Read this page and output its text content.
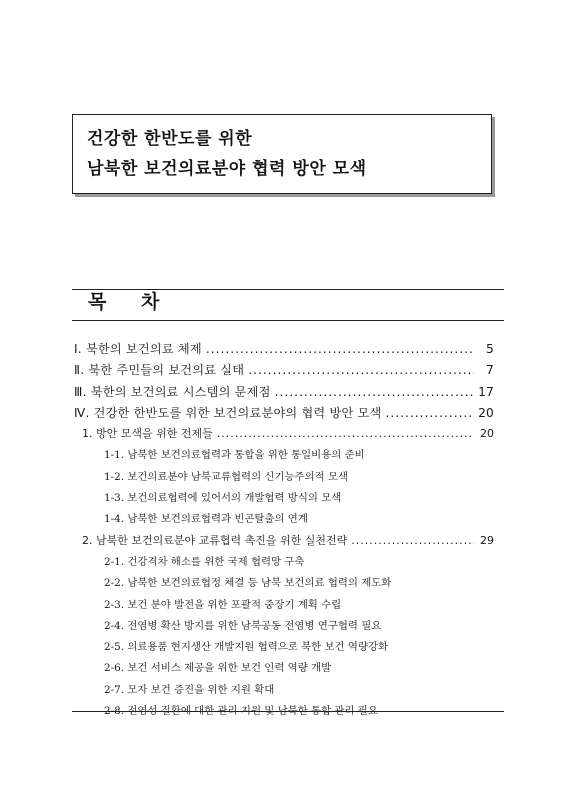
건강한 한반도를 위한
남북한 보건의료분야 협력 방안 모색
목 차
Ⅰ. 북한의 보건의료 체제 .....	5
Ⅱ. 북한 주민들의 보건의료 실태 .....	7
Ⅲ. 북한의 보건의료 시스템의 문제점 .....	17
Ⅳ. 건강한 한반도를 위한 보건의료분야의 협력 방안 모색 .....	20
1. 방안 모색을 위한 전제들 .....	20
1-1. 남북한 보건의료협력과 통합을 위한 통일비용의 준비
1-2. 보건의료분야 남북교류협력의 신기능주의적 모색
1-3. 보건의료협력에 있어서의 개발협력 방식의 모색
1-4. 남북한 보건의료협력과 빈곤탈출의 연계
2. 남북한 보건의료분야 교류협력 촉진을 위한 실천전략 .....	29
2-1. 건강격차 해소를 위한 국제 협력망 구축
2-2. 남북한 보건의료협정 체결 등 남북 보건의료 협력의 제도화
2-3. 보건 분야 발전을 위한 포괄적 중장기 계획 수립
2-4. 전염병 확산 방지를 위한 남북공동 전염병 연구협력 필요
2-5. 의료용품 현지생산 개발지원 협력으로 북한 보건 역량강화
2-6. 보건 서비스 제공을 위한 보건 인력 역량 개발
2-7. 모자 보건 증진을 위한 지원 확대
2-8. 전염성 질환에 대한 관리 지원 및 남북한 통합 관리 필요
